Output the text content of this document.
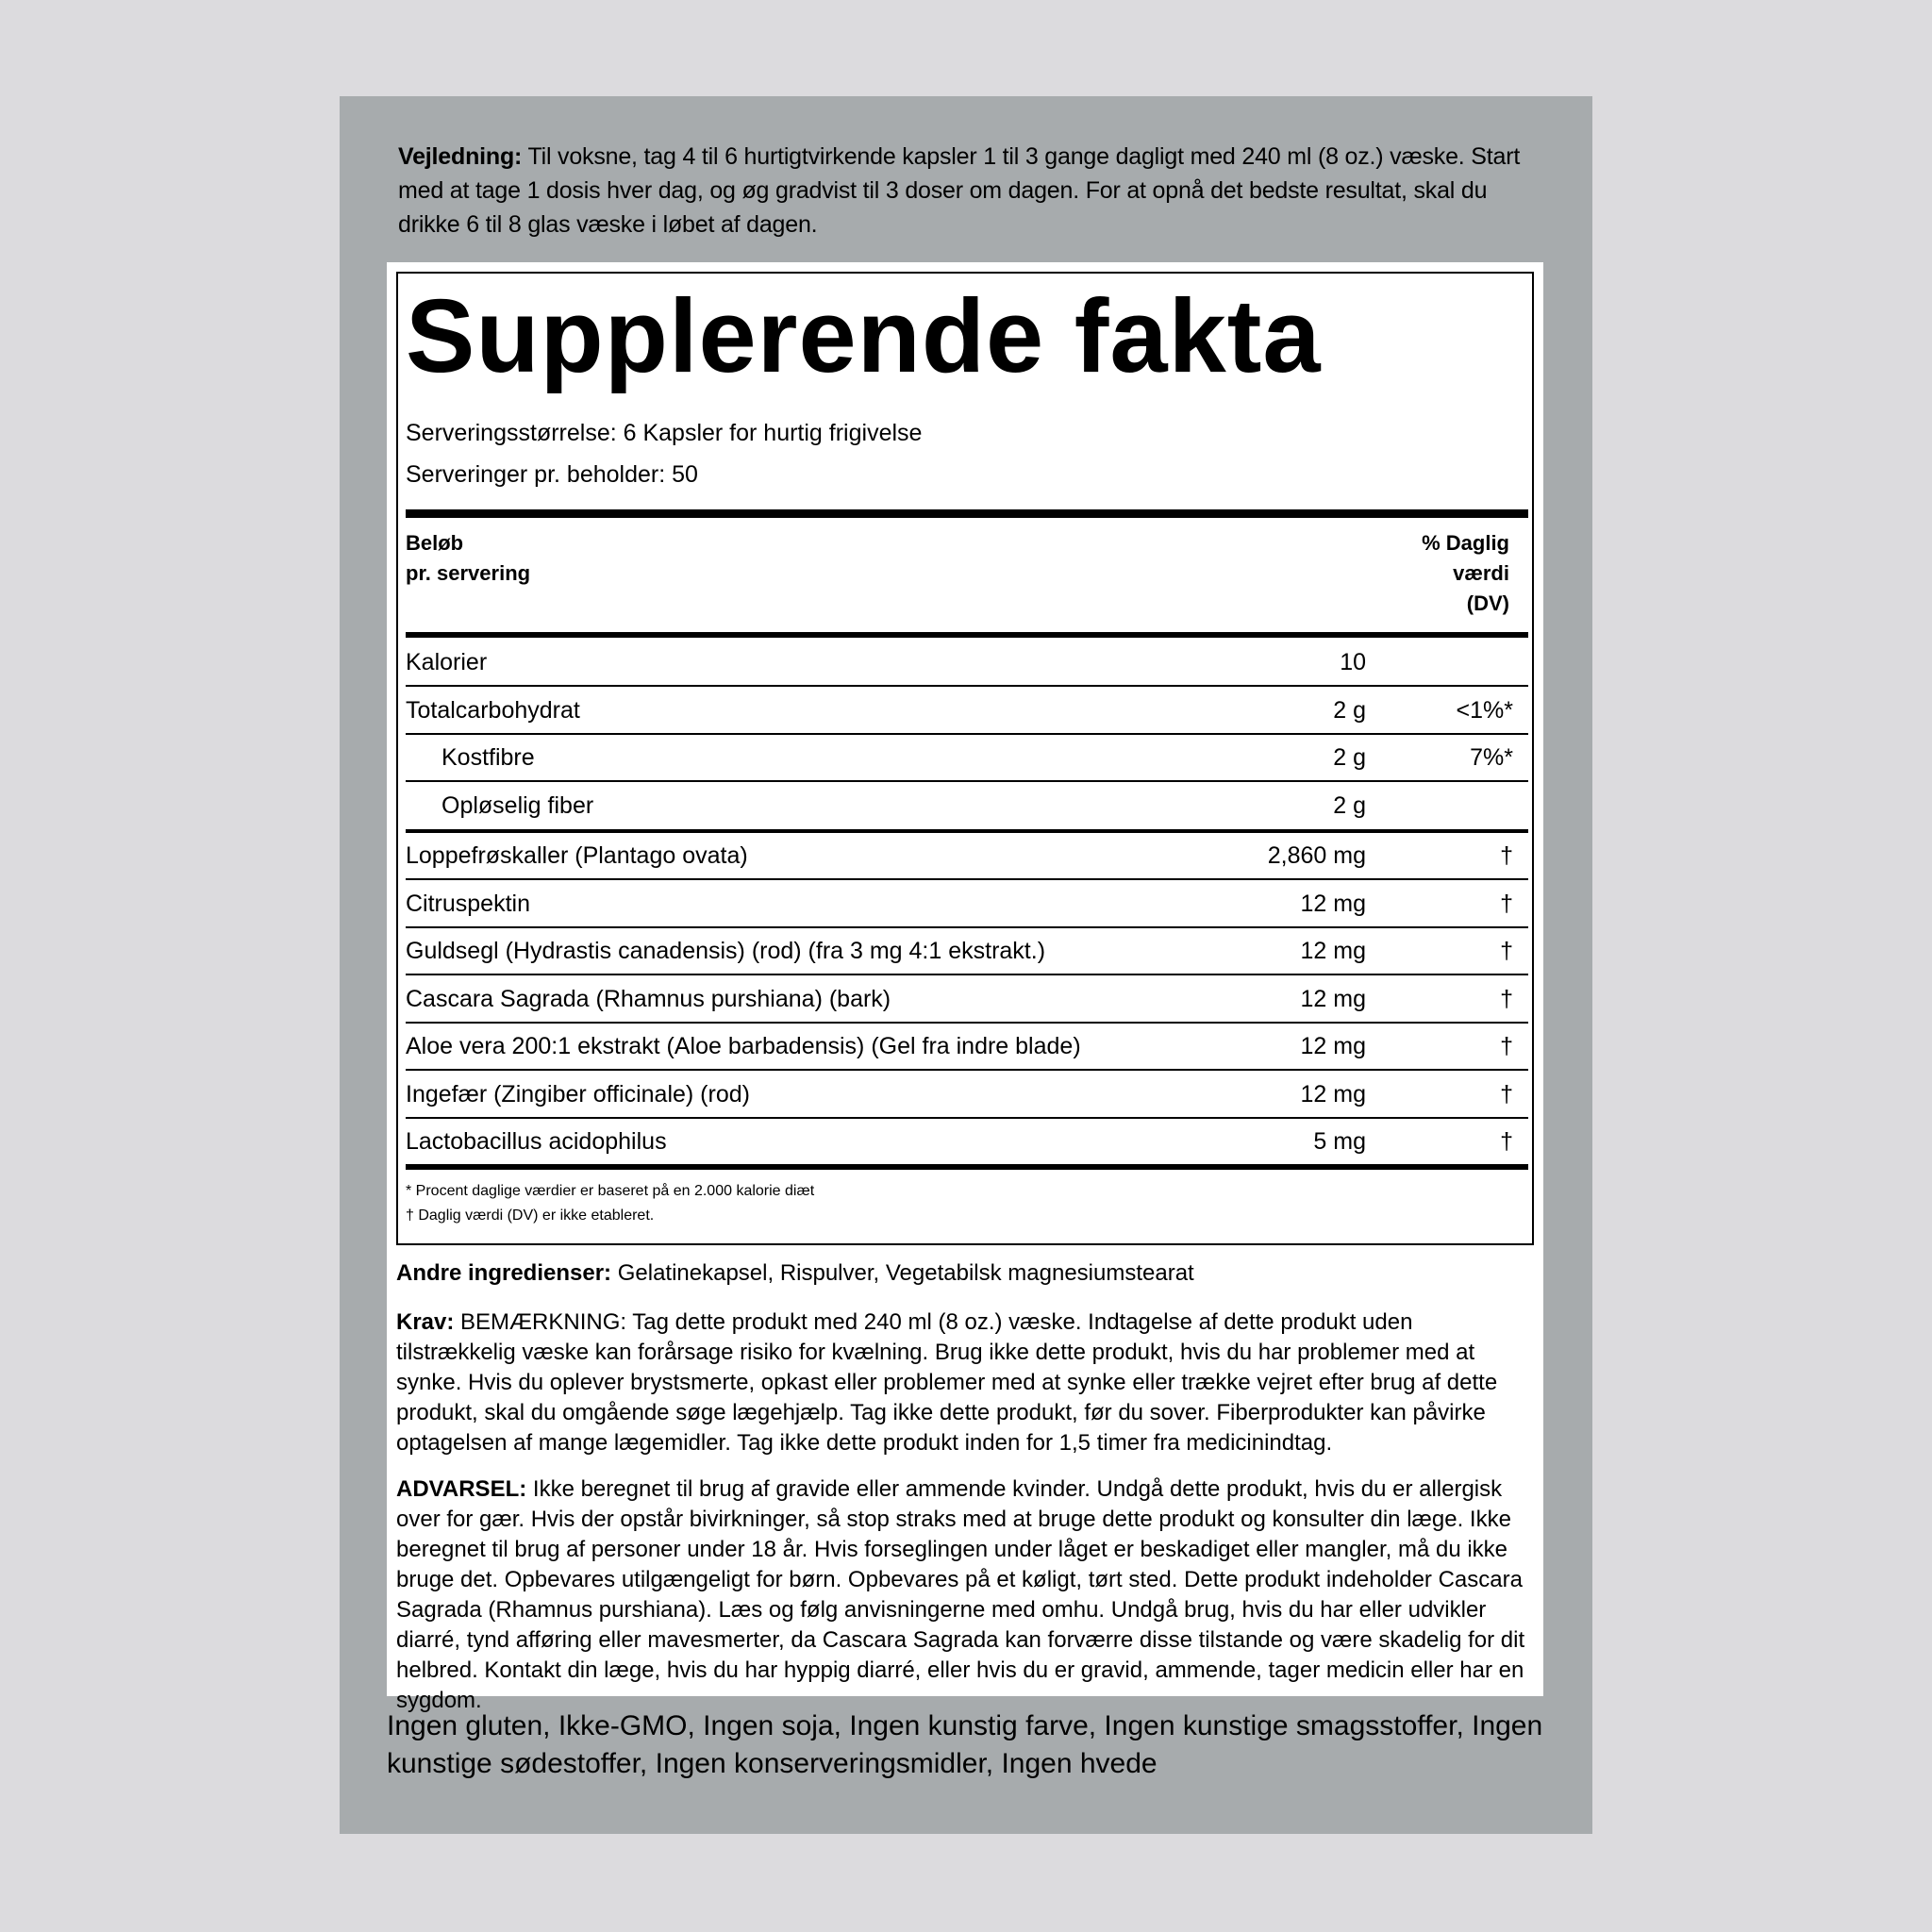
Vejledning: Til voksne, tag 4 til 6 hurtigtvirkende kapsler 1 til 3 gange dagligt med 240 ml (8 oz.) væske. Start med at tage 1 dosis hver dag, og øg gradvist til 3 doser om dagen. For at opnå det bedste resultat, skal du drikke 6 til 8 glas væske i løbet af dagen.
Supplerende fakta
Serveringsstørrelse: 6 Kapsler for hurtig frigivelse
Serveringer pr. beholder: 50
Beløb
pr. servering
% Daglig
værdi
(DV)
Kalorier	10
Totalcarbohydrat	2 g	<1%*
Kostfibre	2 g	7%*
Opløselig fiber	2 g
Loppefrøskaller (Plantago ovata)	2,860 mg	†
Citruspektin	12 mg	†
Guldsegl (Hydrastis canadensis) (rod) (fra 3 mg 4:1 ekstrakt.)	12 mg	†
Cascara Sagrada (Rhamnus purshiana) (bark)	12 mg	†
Aloe vera 200:1 ekstrakt (Aloe barbadensis) (Gel fra indre blade)	12 mg	†
Ingefær (Zingiber officinale) (rod)	12 mg	†
Lactobacillus acidophilus	5 mg	†
* Procent daglige værdier er baseret på en 2.000 kalorie diæt
† Daglig værdi (DV) er ikke etableret.
Andre ingredienser: Gelatinekapsel, Rispulver, Vegetabilsk magnesiumstearat
Krav: BEMÆRKNING: Tag dette produkt med 240 ml (8 oz.) væske. Indtagelse af dette produkt uden tilstrækkelig væske kan forårsage risiko for kvælning. Brug ikke dette produkt, hvis du har problemer med at synke. Hvis du oplever brystsmerte, opkast eller problemer med at synke eller trække vejret efter brug af dette produkt, skal du omgående søge lægehjælp. Tag ikke dette produkt, før du sover. Fiberprodukter kan påvirke optagelsen af mange lægemidler. Tag ikke dette produkt inden for 1,5 timer fra medicinindtag.
ADVARSEL: Ikke beregnet til brug af gravide eller ammende kvinder. Undgå dette produkt, hvis du er allergisk over for gær. Hvis der opstår bivirkninger, så stop straks med at bruge dette produkt og konsulter din læge. Ikke beregnet til brug af personer under 18 år. Hvis forseglingen under låget er beskadiget eller mangler, må du ikke bruge det. Opbevares utilgængeligt for børn. Opbevares på et køligt, tørt sted. Dette produkt indeholder Cascara Sagrada (Rhamnus purshiana). Læs og følg anvisningerne med omhu. Undgå brug, hvis du har eller udvikler diarré, tynd afføring eller mavesmerter, da Cascara Sagrada kan forværre disse tilstande og være skadelig for dit helbred. Kontakt din læge, hvis du har hyppig diarré, eller hvis du er gravid, ammende, tager medicin eller har en sygdom.
Ingen gluten, Ikke-GMO, Ingen soja, Ingen kunstig farve, Ingen kunstige smagsstoffer, Ingen kunstige sødestoffer, Ingen konserveringsmidler, Ingen hvede
